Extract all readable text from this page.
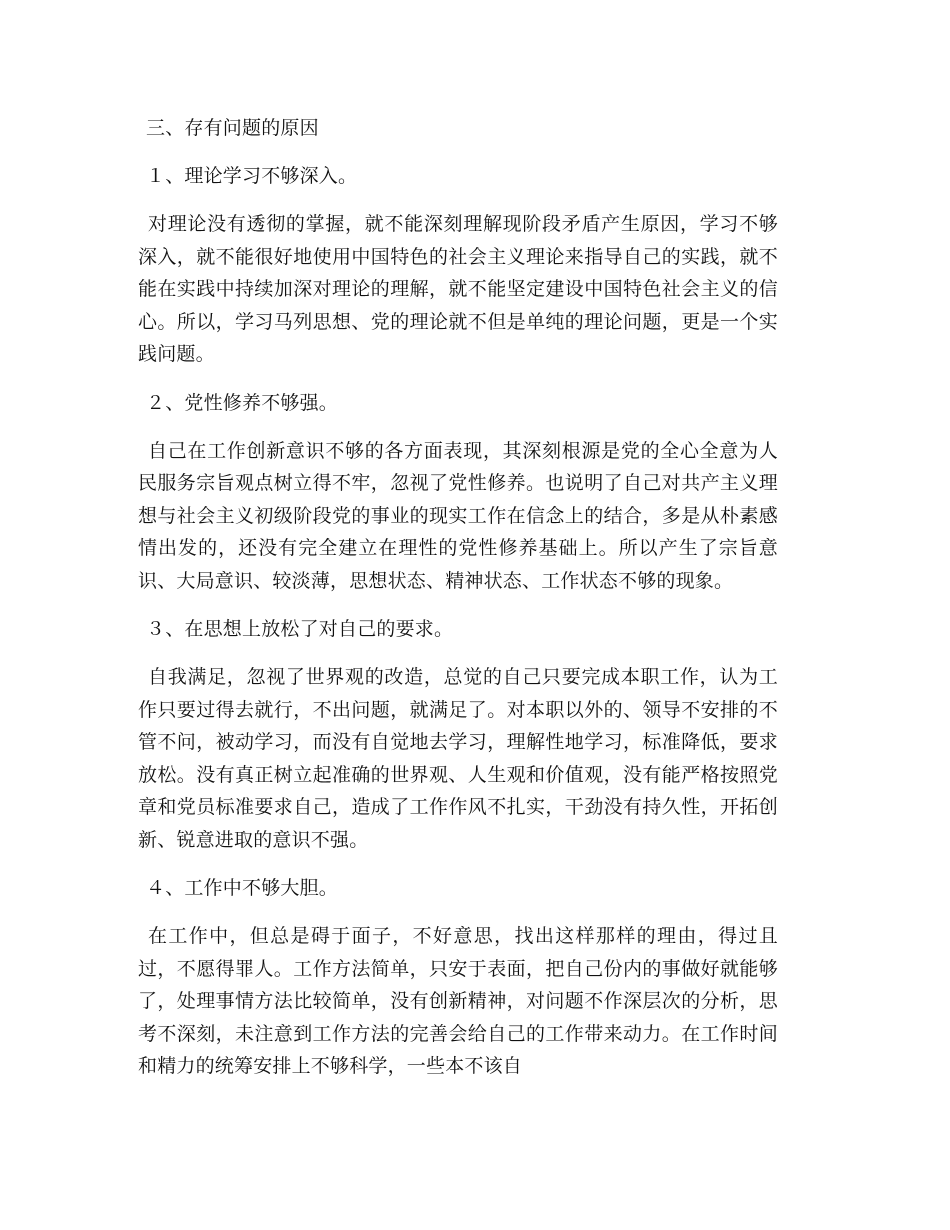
三、存有问题的原因
１、理论学习不够深入。
对理论没有透彻的掌握，就不能深刻理解现阶段矛盾产生原因，学习不够深入，就不能很好地使用中国特色的社会主义理论来指导自己的实践，就不能在实践中持续加深对理论的理解，就不能坚定建设中国特色社会主义的信心。所以，学习马列思想、党的理论就不但是单纯的理论问题，更是一个实践问题。
２、党性修养不够强。
自己在工作创新意识不够的各方面表现，其深刻根源是党的全心全意为人民服务宗旨观点树立得不牢，忽视了党性修养。也说明了自己对共产主义理想与社会主义初级阶段党的事业的现实工作在信念上的结合，多是从朴素感情出发的，还没有完全建立在理性的党性修养基础上。所以产生了宗旨意识、大局意识、较淡薄，思想状态、精神状态、工作状态不够的现象。
３、在思想上放松了对自己的要求。
自我满足，忽视了世界观的改造，总觉的自己只要完成本职工作，认为工作只要过得去就行，不出问题，就满足了。对本职以外的、领导不安排的不管不问，被动学习，而没有自觉地去学习，理解性地学习，标准降低，要求放松。没有真正树立起准确的世界观、人生观和价值观，没有能严格按照党章和党员标准要求自己，造成了工作作风不扎实，干劲没有持久性，开拓创新、锐意进取的意识不强。
４、工作中不够大胆。
在工作中，但总是碍于面子，不好意思，找出这样那样的理由，得过且过，不愿得罪人。工作方法简单，只安于表面，把自己份内的事做好就能够了，处理事情方法比较简单，没有创新精神，对问题不作深层次的分析，思考不深刻，未注意到工作方法的完善会给自己的工作带来动力。在工作时间和精力的统筹安排上不够科学，一些本不该自
